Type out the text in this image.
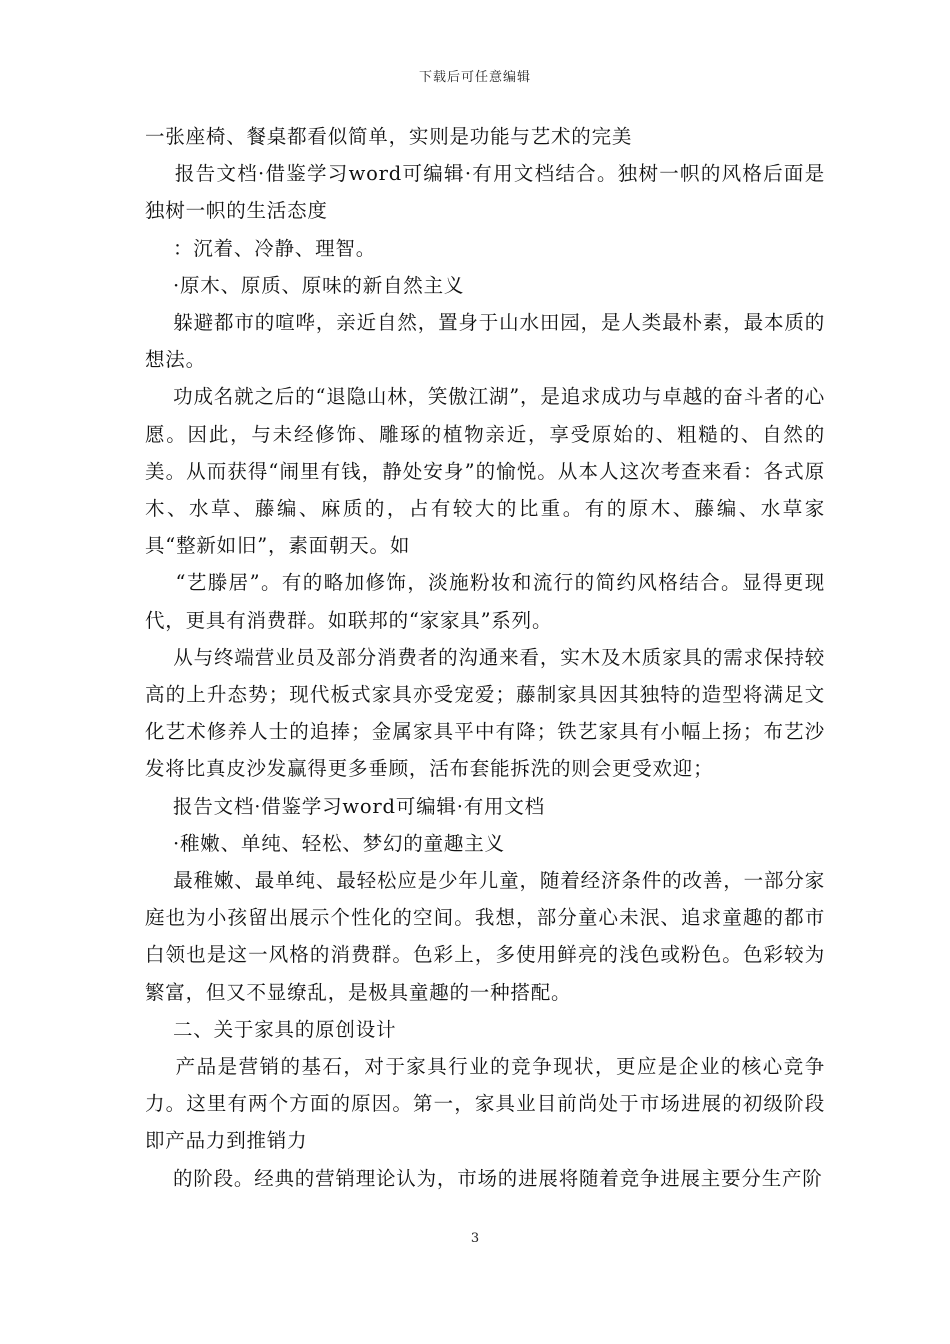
下载后可任意编辑

一张座椅、餐桌都看似简单，实则是功能与艺术的完美

报告文档·借鉴学习word可编辑·有用文档结合。独树一帜的风格后面是独树一帜的生活态度

：沉着、冷静、理智。

·原木、原质、原味的新自然主义

躲避都市的喧哗，亲近自然，置身于山水田园，是人类最朴素，最本质的想法。

功成名就之后的“退隐山林，笑傲江湖”，是追求成功与卓越的奋斗者的心愿。因此，与未经修饰、雕琢的植物亲近，享受原始的、粗糙的、自然的美。从而获得“闹里有钱，静处安身”的愉悦。从本人这次考查来看：各式原木、水草、藤编、麻质的，占有较大的比重。有的原木、藤编、水草家具“整新如旧”，素面朝天。如

“艺滕居”。有的略加修饰，淡施粉妆和流行的简约风格结合。显得更现代，更具有消费群。如联邦的“家家具”系列。

从与终端营业员及部分消费者的沟通来看，实木及木质家具的需求保持较高的上升态势；现代板式家具亦受宠爱；藤制家具因其独特的造型将满足文化艺术修养人士的追捧；金属家具平中有降；铁艺家具有小幅上扬；布艺沙发将比真皮沙发赢得更多垂顾，活布套能拆洗的则会更受欢迎；

报告文档·借鉴学习word可编辑·有用文档

·稚嫩、单纯、轻松、梦幻的童趣主义

最稚嫩、最单纯、最轻松应是少年儿童，随着经济条件的改善，一部分家庭也为小孩留出展示个性化的空间。我想，部分童心未泯、追求童趣的都市白领也是这一风格的消费群。色彩上，多使用鲜亮的浅色或粉色。色彩较为繁富，但又不显缭乱，是极具童趣的一种搭配。

二、关于家具的原创设计

产品是营销的基石，对于家具行业的竞争现状，更应是企业的核心竞争力。这里有两个方面的原因。第一，家具业目前尚处于市场进展的初级阶段即产品力到推销力

的阶段。经典的营销理论认为，市场的进展将随着竞争进展主要分生产阶

3
